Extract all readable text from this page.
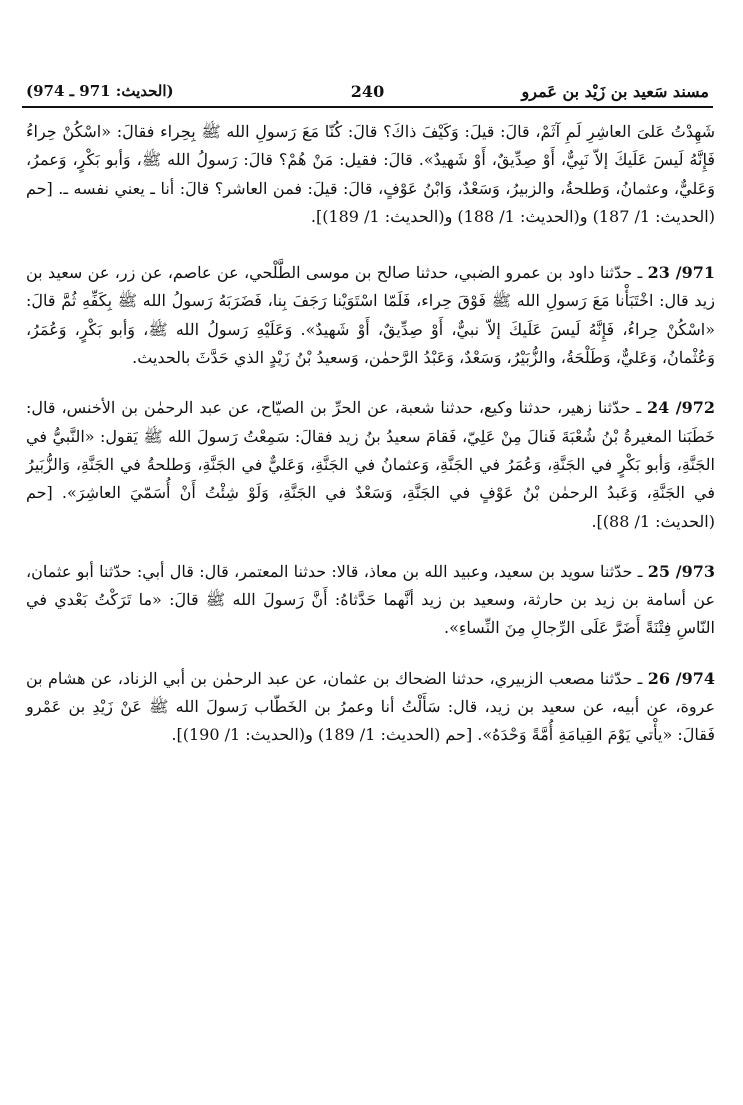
مسند سَعيد بن زَيْد بن عَمرو
240
(الحديث: 971 ـ 974)

شَهِدْتُ عَلىَ العاشِرِ لَمِ آثَمْ، قالَ: قيلَ: وَكَيْفَ ذاكَ؟ قالَ: كُنّا مَعَ رَسولِ الله ﷺ بِحِراء فقالَ: «اسْكُنْ حِراءُ فَإِنَّهُ لَيسَ عَلَيكَ إلاّ نَبِيٌّ، أَوْ صِدِّيقٌ، أَوْ شَهيدٌ». قالَ: فقيل: مَنْ هُمْ؟ قالَ: رَسولُ الله ﷺ، وَأبو بَكْرٍ، وَعمرُ، وَعَليٌّ، وعثمانُ، وَطلحةُ، والزبيرُ، وَسَعْدٌ، وَابْنُ عَوْفٍ، قالَ: قيلَ: فمن العاشر؟ قالَ: أنا ـ يعني نفسه ـ. [حم (الحديث: 1/ 187) و(الحديث: 1/ 188) و(الحديث: 1/ 189)].

971/ 23 ـ حدّثنا داود بن عمرو الضبي، حدثنا صالح بن موسى الطَّلْحي، عن عاصم، عن زر، عن سعيد بن زيد قال: اخْتَبَأْنا مَعَ رَسولِ الله ﷺ فَوْقَ حِراء، فَلَمّا اسْتَوَيْنا رَجَفَ بِنا، فَضَرَبَهُ رَسولُ الله ﷺ بِكَفِّهِ ثُمَّ قالَ: «اسْكُنْ حِراءُ، فَإِنَّهُ لَيسَ عَلَيكَ إلاّ نبيٌّ، أَوْ صِدِّيقٌ، أَوْ شَهيدٌ». وَعَلَيْهِ رَسولُ الله ﷺ، وَأبو بَكْرٍ، وَعُمَرُ، وَعُثْمانُ، وَعَليٌّ، وَطَلْحَةُ، والزُّبَيْرُ، وَسَعْدٌ، وَعَبْدُ الرَّحمٰن، وَسعيدُ بْنُ زَيْدٍ الذي حَدَّثَ بالحديث.

972/ 24 ـ حدّثنا زهير، حدثنا وكيع، حدثنا شعبة، عن الحرِّ بن الصيّاح، عن عبد الرحمٰن بن الأخنس، قال: خَطَبَنا المغيرةُ بْنُ شُعْبَةَ فَنالَ مِنْ عَلِيّ، فَقامَ سعيدُ بنُ زيد فقالَ: سَمِعْتُ رَسولَ الله ﷺ يَقول: «النَّبيُّ في الجَنَّةِ، وَأبو بَكْرٍ في الجَنَّةِ، وَعُمَرُ في الجَنَّةِ، وَعثمانُ في الجَنَّةِ، وَعَليٌّ في الجَنَّةِ، وَطلحةُ في الجَنَّةِ، وَالزُّبَيرُ في الجَنَّةِ، وَعَبدُ الرحمٰن بْنُ عَوْفٍ في الجَنَّةِ، وَسَعْدٌ في الجَنَّةِ، وَلَوْ شِئْتُ أَنْ أُسَمّيَ العاشِرَ». [حم (الحديث: 1/ 88)].

973/ 25 ـ حدّثنا سويد بن سعيد، وعبيد الله بن معاذ، قالا: حدثنا المعتمر، قال: قال أبي: حدّثنا أبو عثمان، عن أسامة بن زيد بن حارثة، وسعيد بن زيد أنَّهما حَدَّثاهُ: أَنَّ رَسولَ الله ﷺ قالَ: «ما تَرَكْتُ بَعْدي في النّاسِ فِتْنَةً أَضَرَّ عَلَى الرِّجالِ مِنَ النِّساءِ».

974/ 26 ـ حدّثنا مصعب الزبيري، حدثنا الضحاك بن عثمان، عن عبد الرحمٰن بن أبي الزناد، عن هشام بن عروة، عن أبيه، عن سعيد بن زيد، قال: سَأَلْتُ أنا وعمرُ بن الخَطّاب رَسولَ الله ﷺ عَنْ زَيْدِ بن عَمْرو فَقالَ: «يأْتي يَوْمَ القِيامَةِ أُمَّةً وَحْدَهُ». [حم (الحديث: 1/ 189) و(الحديث: 1/ 190)].
